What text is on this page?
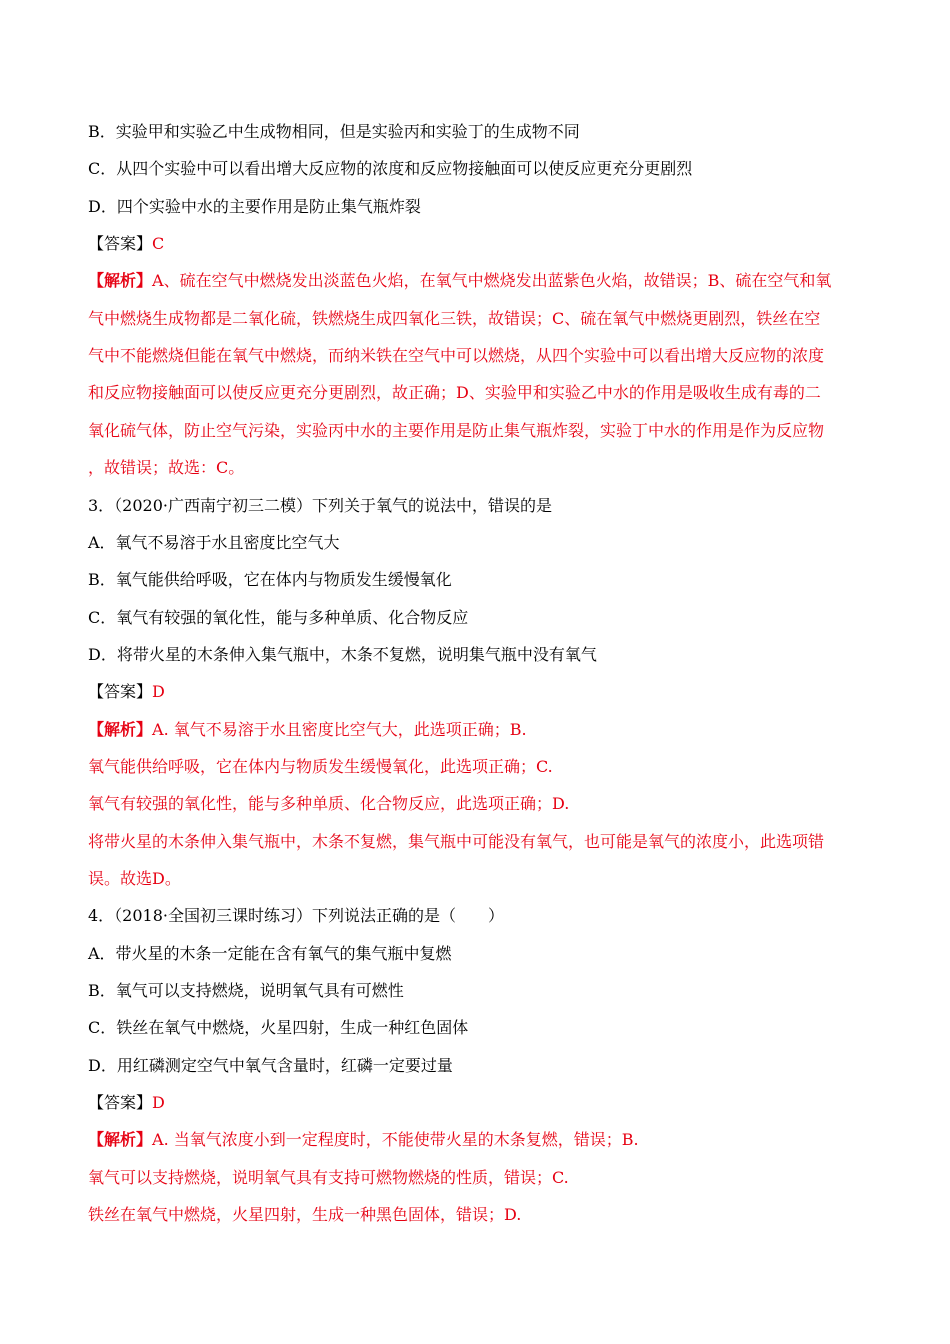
B．实验甲和实验乙中生成物相同，但是实验丙和实验丁的生成物不同
C．从四个实验中可以看出增大反应物的浓度和反应物接触面可以使反应更充分更剧烈
D．四个实验中水的主要作用是防止集气瓶炸裂
【答案】C
【解析】A、硫在空气中燃烧发出淡蓝色火焰，在氧气中燃烧发出蓝紫色火焰，故错误；B、硫在空气和氧
气中燃烧生成物都是二氧化硫，铁燃烧生成四氧化三铁，故错误；C、硫在氧气中燃烧更剧烈，铁丝在空
气中不能燃烧但能在氧气中燃烧，而纳米铁在空气中可以燃烧，从四个实验中可以看出增大反应物的浓度
和反应物接触面可以使反应更充分更剧烈，故正确；D、实验甲和实验乙中水的作用是吸收生成有毒的二
氧化硫气体，防止空气污染，实验丙中水的主要作用是防止集气瓶炸裂，实验丁中水的作用是作为反应物
，故错误；故选：C。
3．（2020·广西南宁初三二模）下列关于氧气的说法中，错误的是
A．氧气不易溶于水且密度比空气大
B．氧气能供给呼吸，它在体内与物质发生缓慢氧化
C．氧气有较强的氧化性，能与多种单质、化合物反应
D．将带火星的木条伸入集气瓶中，木条不复燃，说明集气瓶中没有氧气
【答案】D
【解析】A. 氧气不易溶于水且密度比空气大，此选项正确；B.
氧气能供给呼吸，它在体内与物质发生缓慢氧化，此选项正确；C.
氧气有较强的氧化性，能与多种单质、化合物反应，此选项正确；D.
将带火星的木条伸入集气瓶中，木条不复燃，集气瓶中可能没有氧气，也可能是氧气的浓度小，此选项错
误。故选D。
4．（2018·全国初三课时练习）下列说法正确的是（　　）
A．带火星的木条一定能在含有氧气的集气瓶中复燃
B．氧气可以支持燃烧，说明氧气具有可燃性
C．铁丝在氧气中燃烧，火星四射，生成一种红色固体
D．用红磷测定空气中氧气含量时，红磷一定要过量
【答案】D
【解析】A. 当氧气浓度小到一定程度时，不能使带火星的木条复燃，错误；B.
氧气可以支持燃烧，说明氧气具有支持可燃物燃烧的性质，错误；C.
铁丝在氧气中燃烧，火星四射，生成一种黑色固体，错误；D.
